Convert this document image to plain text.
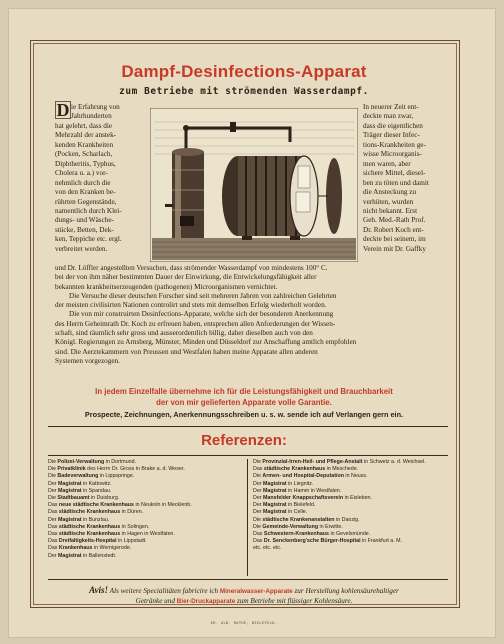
Dampf-Desinfections-Apparat
zum Betriebe mit strömenden Wasserdampf.
D ie Erfahrung von

Jahrhunderten

hat gelehrt, dass die

Mehrzahl der anstek-

kenden Krankheiten

(Pocken, Scharlach,

Diphtheritis, Typhus,

Cholera u. a.) vor-

nehmlich durch die

von den Kranken be-

rührten Gegenstände,

namentlich durch Klei-

dungs- und Wäsche-

stücke, Betten, Dek-

ken, Teppiche etc. ergl.

verbreitet werden.

In neuerer Zeit ent-

deckte man zwar,

dass die eigentlichen

Träger dieser Infec-

tions-Krankheiten ge-

wisse Microorganis-

men waren, aber

sichere Mittel, diesel-

ben zu töten und damit

die Ansteckung zu

verhüten, wurden

nicht bekannt. Erst

Geh. Med.-Rath Prof.

Dr. Robert Koch ent-

deckte bei seinem, im

Verein mit Dr. Gaffky

und Dr. Löffler angestellten Versuchen, dass strömender Wasserdampf von mindestens 100° C.

bei der von ihm näher bestimmten Dauer der Einwirkung, die Entwickelungsfähigkeit aller

bekannten krankheitserzeugenden (pathogenen) Microorganismen vernichtet.

Die Versuche dieser deutschen Forscher sind seit mehreren Jahren von zahlreichen Gelehrten

der meisten civilisirten Nationen controlirt und stets mit demselben Erfolg wiederholt worden.

Die von mir construirten Desinfections-Apparate, welche sich der besonderen Anerkennung

des Herrn Geheimrath Dr. Koch zu erfreuen haben, entsprechen allen Anforderungen der Wissen-

schaft, sind räumlich sehr gross und ausserordentlich billig, daher dieselben auch von den

Königl. Regierungen zu Arnsberg, Münster, Minden und Düsseldorf zur Anschaffung amtlich empfohlen

sind. Die Aerztekammern von Preussen und Westfalen haben meine Apparate allen anderen

Systemen vorgezogen.

In jedem Einzelfalle übernehme ich für die Leistungsfähigkeit und Brauchbarkeit

der von mir gelieferten Apparate volle Garantie.

Prospecte, Zeichnungen, Anerkennungsschreiben u. s. w. sende ich auf Verlangen gern ein.
Referenzen:
Die Polizei-Verwaltung in Dortmund.
Die Privatklinik des Herrn Dr. Gross in Brake a. d. Weser.
Die Badeverwaltung in Lippspringe.
Der Magistrat in Kattowitz.
Der Magistrat in Spandau.
Die Stadtbauamt in Duisburg.
Das neue städtische Krankenhaus in Neukoln in Mecklenb.
Das städtische Krankenhaus in Düren.
Der Magistrat in Bunzlau.
Das städtische Krankenhaus in Solingen.
Das städtische Krankenhaus in Hagen in Westfalen.
Das Dreifaltigkeits-Hospital in Lippstadt.
Das Krankenhaus in Wernigerode.
Der Magistrat in Ballenstedt.
Die Provinzial-Irren-Heil- und Pflege-Anstalt in Schwetz a. d. Weichsel.
Das städtische Krankenhaus in Meschede.
Die Armen- und Hospital-Deputation in Neuss.
Der Magistrat in Liegnitz.
Der Magistrat in Hamm in Westfalen.
Der Mansfelder Knappschaftsverein in Eisleben.
Der Magistrat in Bielefeld.
Der Magistrat in Celle.
Die städtische Krankenanstalten in Danzig.
Die Gemeinde-Verwaltung in Erwitte.
Das Schwestern-Krankenhaus in Gevelsmünde.
Das Dr. Senckenberg'sche Bürger-Hospital in Frankfurt a. M.
etc. etc. etc.

Avis! Als weitere Specialitäten fabricire ich Mineralwasser-Apparate zur Herstellung kohlensäurehaltiger

Getränke und Bier-Druckapparate zum Betriebe mit flüssiger Kohlensäure.

ER. ALB. ROTHE, BIELEFELD.
